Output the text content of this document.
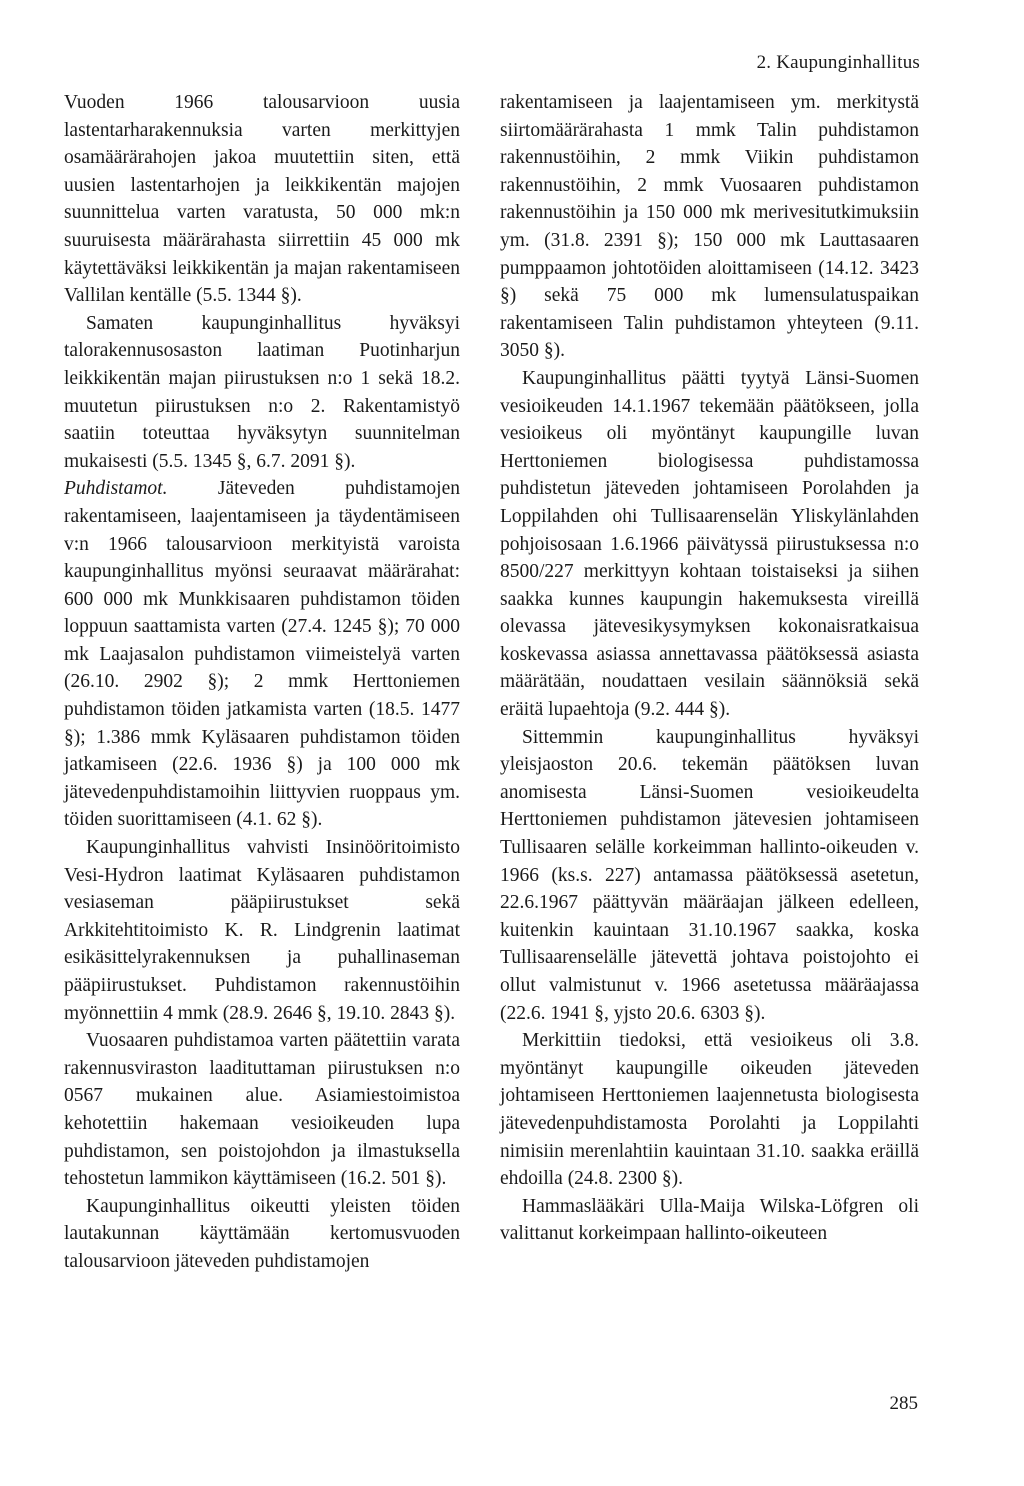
2. Kaupunginhallitus

Vuoden 1966 talousarvioon uusia lastentarharakennuksia varten merkittyjen osamäärärahojen jakoa muutettiin siten, että uusien lastentarhojen ja leikkikentän majojen suunnittelua varten varatusta, 50 000 mk:n suuruisesta määrärahasta siirrettiin 45 000 mk käytettäväksi leikkikentän ja majan rakentamiseen Vallilan kentälle (5.5. 1344 §).

Samaten kaupunginhallitus hyväksyi talorakennusosaston laatiman Puotinharjun leikkikentän majan piirustuksen n:o 1 sekä 18.2. muutetun piirustuksen n:o 2. Rakentamistyö saatiin toteuttaa hyväksytyn suunnitelman mukaisesti (5.5. 1345 §, 6.7. 2091 §).

Puhdistamot. Jäteveden puhdistamojen rakentamiseen, laajentamiseen ja täydentämiseen v:n 1966 talousarvioon merkityistä varoista kaupunginhallitus myönsi seuraavat määrärahat: 600 000 mk Munkkisaaren puhdistamon töiden loppuun saattamista varten (27.4. 1245 §); 70 000 mk Laajasalon puhdistamon viimeistelyä varten (26.10. 2902 §); 2 mmk Herttoniemen puhdistamon töiden jatkamista varten (18.5. 1477 §); 1.386 mmk Kyläsaaren puhdistamon töiden jatkamiseen (22.6. 1936 §) ja 100 000 mk jätevedenpuhdistamoihin liittyvien ruoppaus ym. töiden suorittamiseen (4.1. 62 §).

Kaupunginhallitus vahvisti Insinööritoimisto Vesi-Hydron laatimat Kyläsaaren puhdistamon vesiaseman pääpiirustukset sekä Arkkitehtitoimisto K. R. Lindgrenin laatimat esikäsittelyrakennuksen ja puhallinaseman pääpiirustukset. Puhdistamon rakennustöihin myönnettiin 4 mmk (28.9. 2646 §, 19.10. 2843 §).

Vuosaaren puhdistamoa varten päätettiin varata rakennusviraston laadituttaman piirustuksen n:o 0567 mukainen alue. Asiamiestoimistoa kehotettiin hakemaan vesioikeuden lupa puhdistamon, sen poistojohdon ja ilmastuksella tehostetun lammikon käyttämiseen (16.2. 501 §).

Kaupunginhallitus oikeutti yleisten töiden lautakunnan käyttämään kertomusvuoden talousarvioon jäteveden puhdistamojen

rakentamiseen ja laajentamiseen ym. merkitystä siirtomäärärahasta 1 mmk Talin puhdistamon rakennustöihin, 2 mmk Viikin puhdistamon rakennustöihin, 2 mmk Vuosaaren puhdistamon rakennustöihin ja 150 000 mk merivesitutkimuksiin ym. (31.8. 2391 §); 150 000 mk Lauttasaaren pumppaamon johtotöiden aloittamiseen (14.12. 3423 §) sekä 75 000 mk lumensulatuspaikan rakentamiseen Talin puhdistamon yhteyteen (9.11. 3050 §).

Kaupunginhallitus päätti tyytyä Länsi-Suomen vesioikeuden 14.1.1967 tekemään päätökseen, jolla vesioikeus oli myöntänyt kaupungille luvan Herttoniemen biologisessa puhdistamossa puhdistetun jäteveden johtamiseen Porolahden ja Loppilahden ohi Tullisaarenselän Yliskylänlahden pohjoisosaan 1.6.1966 päivätyssä piirustuksessa n:o 8500/227 merkittyyn kohtaan toistaiseksi ja siihen saakka kunnes kaupungin hakemuksesta vireillä olevassa jätevesikysymyksen kokonaisratkaisua koskevassa asiassa annettavassa päätöksessä asiasta määrätään, noudattaen vesilain säännöksiä sekä eräitä lupaehtoja (9.2. 444 §).

Sittemmin kaupunginhallitus hyväksyi yleisjaoston 20.6. tekemän päätöksen luvan anomisesta Länsi-Suomen vesioikeudelta Herttoniemen puhdistamon jätevesien johtamiseen Tullisaaren selälle korkeimman hallinto-oikeuden v. 1966 (ks.s. 227) antamassa päätöksessä asetetun, 22.6.1967 päättyvän määräajan jälkeen edelleen, kuitenkin kauintaan 31.10.1967 saakka, koska Tullisaarenselälle jätevettä johtava poistojohto ei ollut valmistunut v. 1966 asetetussa määräajassa (22.6. 1941 §, yjsto 20.6. 6303 §).

Merkittiin tiedoksi, että vesioikeus oli 3.8. myöntänyt kaupungille oikeuden jäteveden johtamiseen Herttoniemen laajennetusta biologisesta jätevedenpuhdistamosta Porolahti ja Loppilahti nimisiin merenlahtiin kauintaan 31.10. saakka eräillä ehdoilla (24.8. 2300 §).

Hammaslääkäri Ulla-Maija Wilska-Löfgren oli valittanut korkeimpaan hallinto-oikeuteen

285
